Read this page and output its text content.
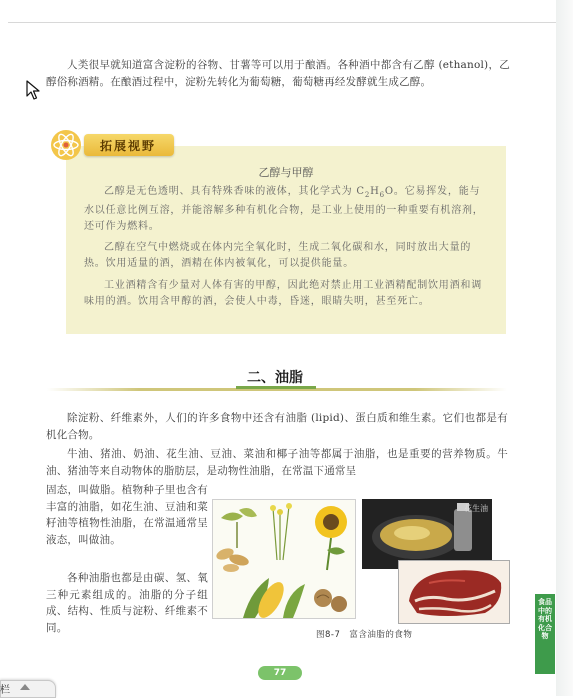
人类很早就知道富含淀粉的谷物、甘薯等可以用于酿酒。各种酒中都含有乙醇 (ethanol)，乙醇俗称酒精。在酿酒过程中，淀粉先转化为葡萄糖，葡萄糖再经发酵就生成乙醇。
拓展视野
乙醇与甲醇
乙醇是无色透明、具有特殊香味的液体，其化学式为 $C_2H_6O$。它易挥发，能与水以任意比例互溶，并能溶解多种有机化合物，是工业上使用的一种重要有机溶剂，还可作为燃料。
乙醇在空气中燃烧或在体内完全氧化时，生成二氧化碳和水，同时放出大量的热。饮用适量的酒，酒精在体内被氧化，可以提供能量。
工业酒精含有少量对人体有害的甲醇，因此绝对禁止用工业酒精配制饮用酒和调味用的酒。饮用含甲醇的酒，会使人中毒，昏迷，眼睛失明，甚至死亡。
二、油脂
除淀粉、纤维素外，人们的许多食物中还含有油脂 (lipid)、蛋白质和维生素。它们也都是有机化合物。
牛油、猪油、奶油、花生油、豆油、菜油和椰子油等都属于油脂，也是重要的营养物质。牛油、猪油等来自动物体的脂肪层，是动物性油脂，在常温下通常呈
固态，叫做脂。植物种子里也含有丰富的油脂，如花生油、豆油和菜籽油等植物性油脂，在常温通常呈液态，叫做油。
各种油脂也都是由碳、氢、氧三种元素组成的。油脂的分子组成、结构、性质与淀粉、纤维素不同。
花生油
图8-7　富含油脂的食物
食品中的有机化合物
77
栏
